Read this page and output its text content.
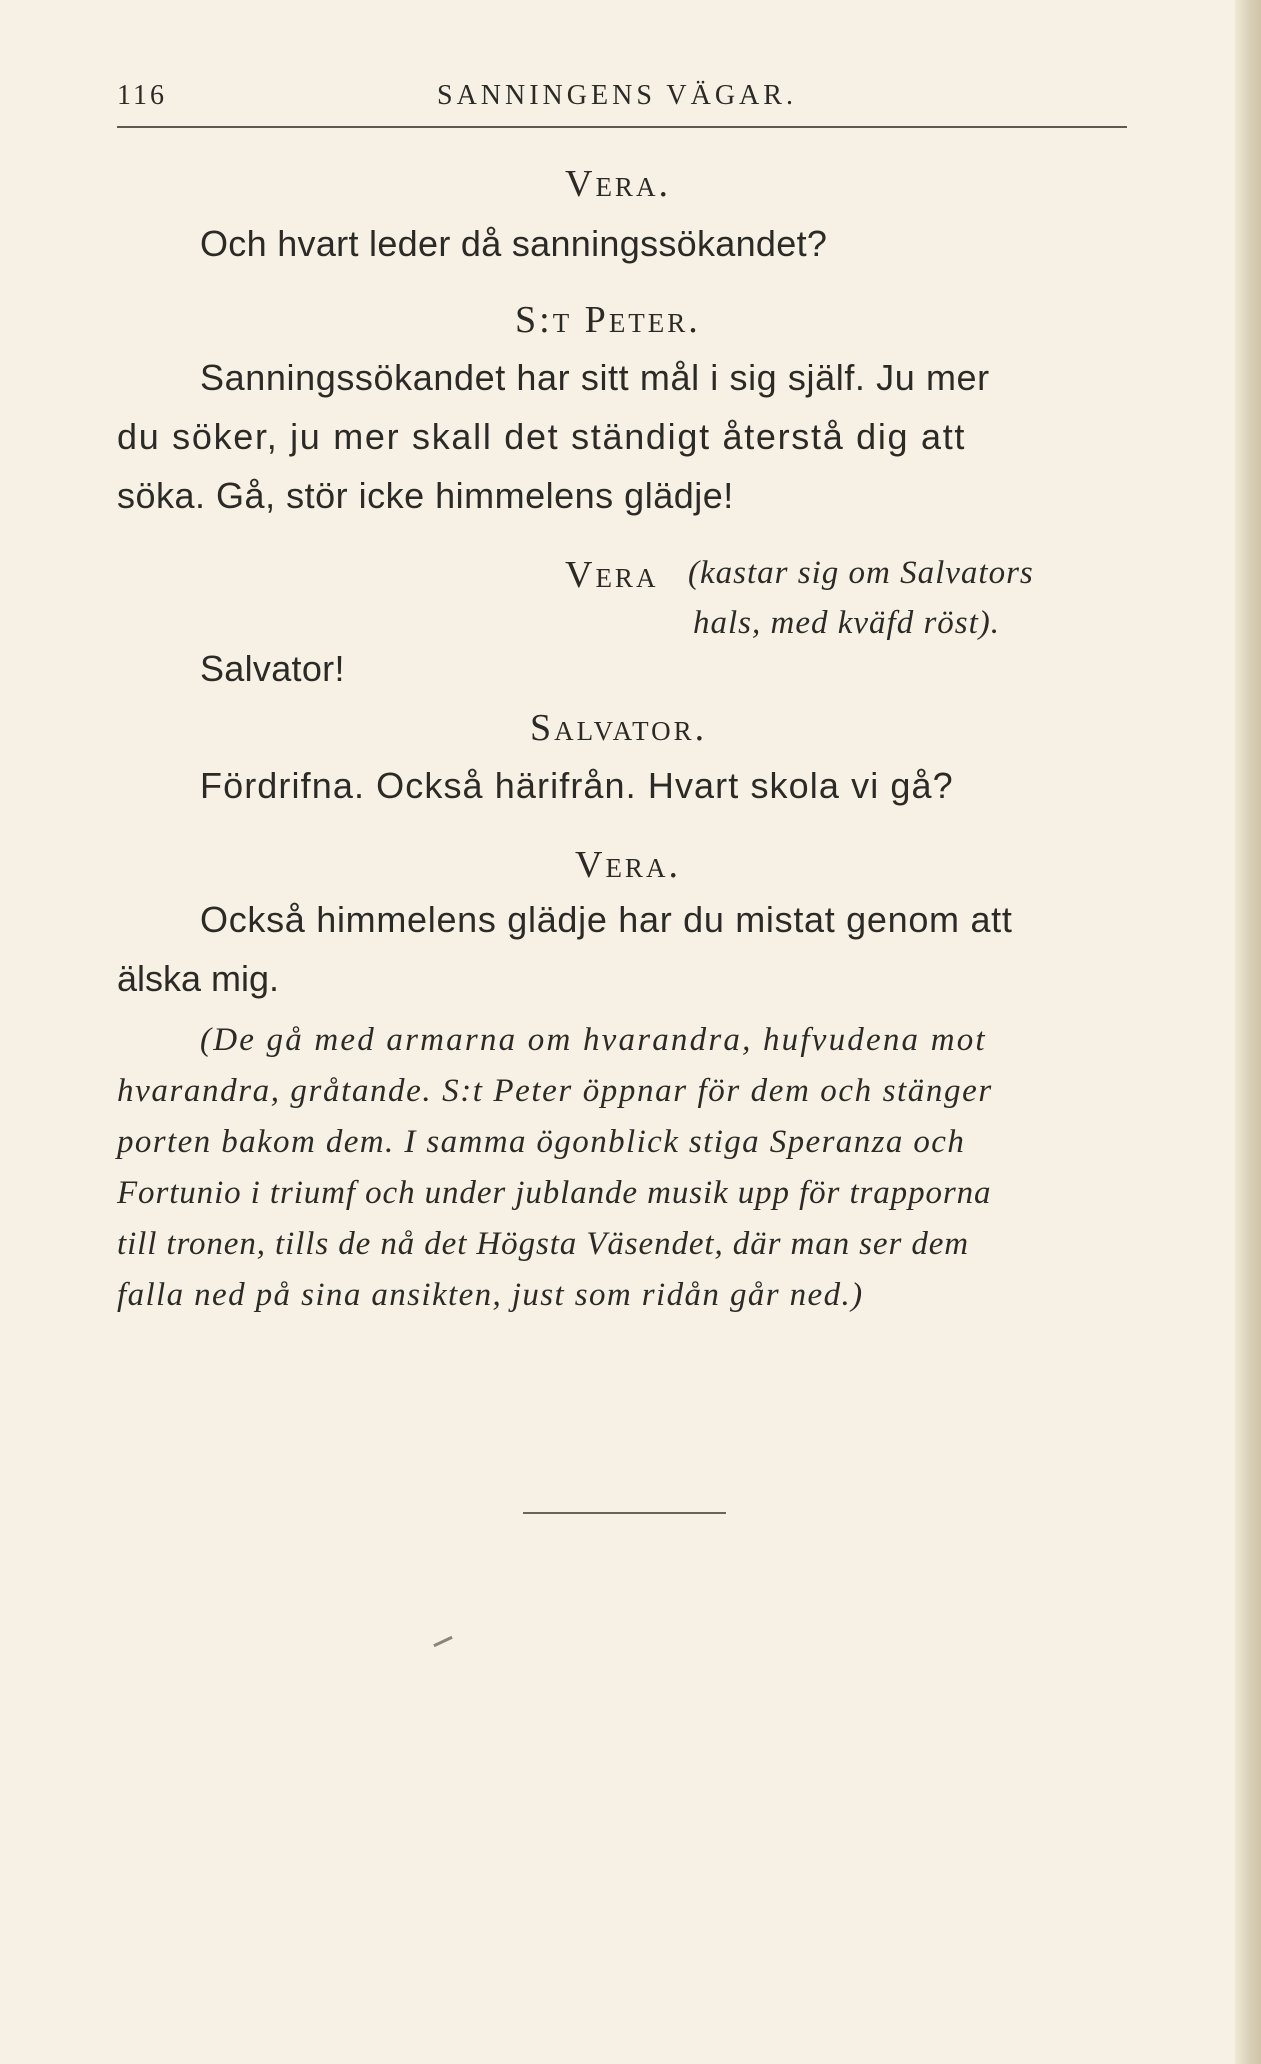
116	SANNINGENS VÄGAR.
Vera.
Och hvart leder då sanningssökandet?
S:t Peter.
Sanningssökandet har sitt mål i sig själf. Ju mer
du söker, ju mer skall det ständigt återstå dig att
söka. Gå, stör icke himmelens glädje!
Vera (kastar sig om Salvators
hals, med kväfd röst).
Salvator!
Salvator.
Fördrifna. Också härifrån. Hvart skola vi gå?
Vera.
Också himmelens glädje har du mistat genom att
älska mig.
(De gå med armarna om hvarandra, hufvudena mot
hvarandra, gråtande. S:t Peter öppnar för dem och stänger
porten bakom dem. I samma ögonblick stiga Speranza och
Fortunio i triumf och under jublande musik upp för trapporna
till tronen, tills de nå det Högsta Väsendet, där man ser dem
falla ned på sina ansikten, just som ridån går ned.)
